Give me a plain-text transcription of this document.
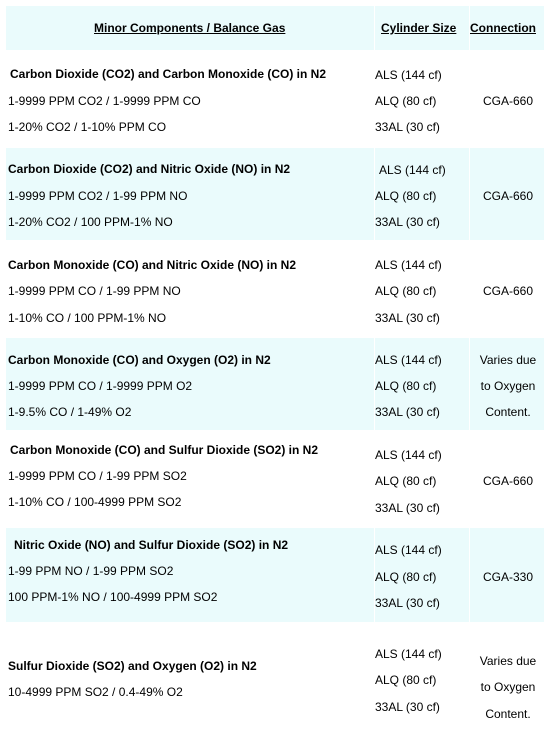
Minor Components / Balance Gas	Cylinder Size Connection
Carbon Dioxide (CO2) and Carbon Monoxide (CO) in N2
1-9999 PPM CO2 / 1-9999 PPM CO
1-20% CO2 / 1-10% PPM CO
ALS (144 cf)
ALQ (80 cf)
33AL (30 cf)
CGA-660
Carbon Dioxide (CO2) and Nitric Oxide (NO) in N2
1-9999 PPM CO2 / 1-99 PPM NO
1-20% CO2 / 100 PPM-1% NO
ALS (144 cf)
ALQ (80 cf)
33AL (30 cf)
CGA-660
Carbon Monoxide (CO) and Nitric Oxide (NO) in N2
1-9999 PPM CO / 1-99 PPM NO
1-10% CO / 100 PPM-1% NO
ALS (144 cf)
ALQ (80 cf)
33AL (30 cf)
CGA-660
Carbon Monoxide (CO) and Oxygen (O2) in N2
1-9999 PPM CO / 1-9999 PPM O2
1-9.5% CO / 1-49% O2
ALS (144 cf)
ALQ (80 cf)
33AL (30 cf)
Varies due
to Oxygen
Content.
Carbon Monoxide (CO) and Sulfur Dioxide (SO2) in N2
1-9999 PPM CO / 1-99 PPM SO2
1-10% CO / 100-4999 PPM SO2
ALS (144 cf)
ALQ (80 cf)
33AL (30 cf)
CGA-660
Nitric Oxide (NO) and Sulfur Dioxide (SO2) in N2
1-99 PPM NO / 1-99 PPM SO2
100 PPM-1% NO / 100-4999 PPM SO2
ALS (144 cf)
ALQ (80 cf)
33AL (30 cf)
CGA-330
Sulfur Dioxide (SO2) and Oxygen (O2) in N2
10-4999 PPM SO2 / 0.4-49% O2
ALS (144 cf)
ALQ (80 cf)
33AL (30 cf)
Varies due
to Oxygen
Content.
